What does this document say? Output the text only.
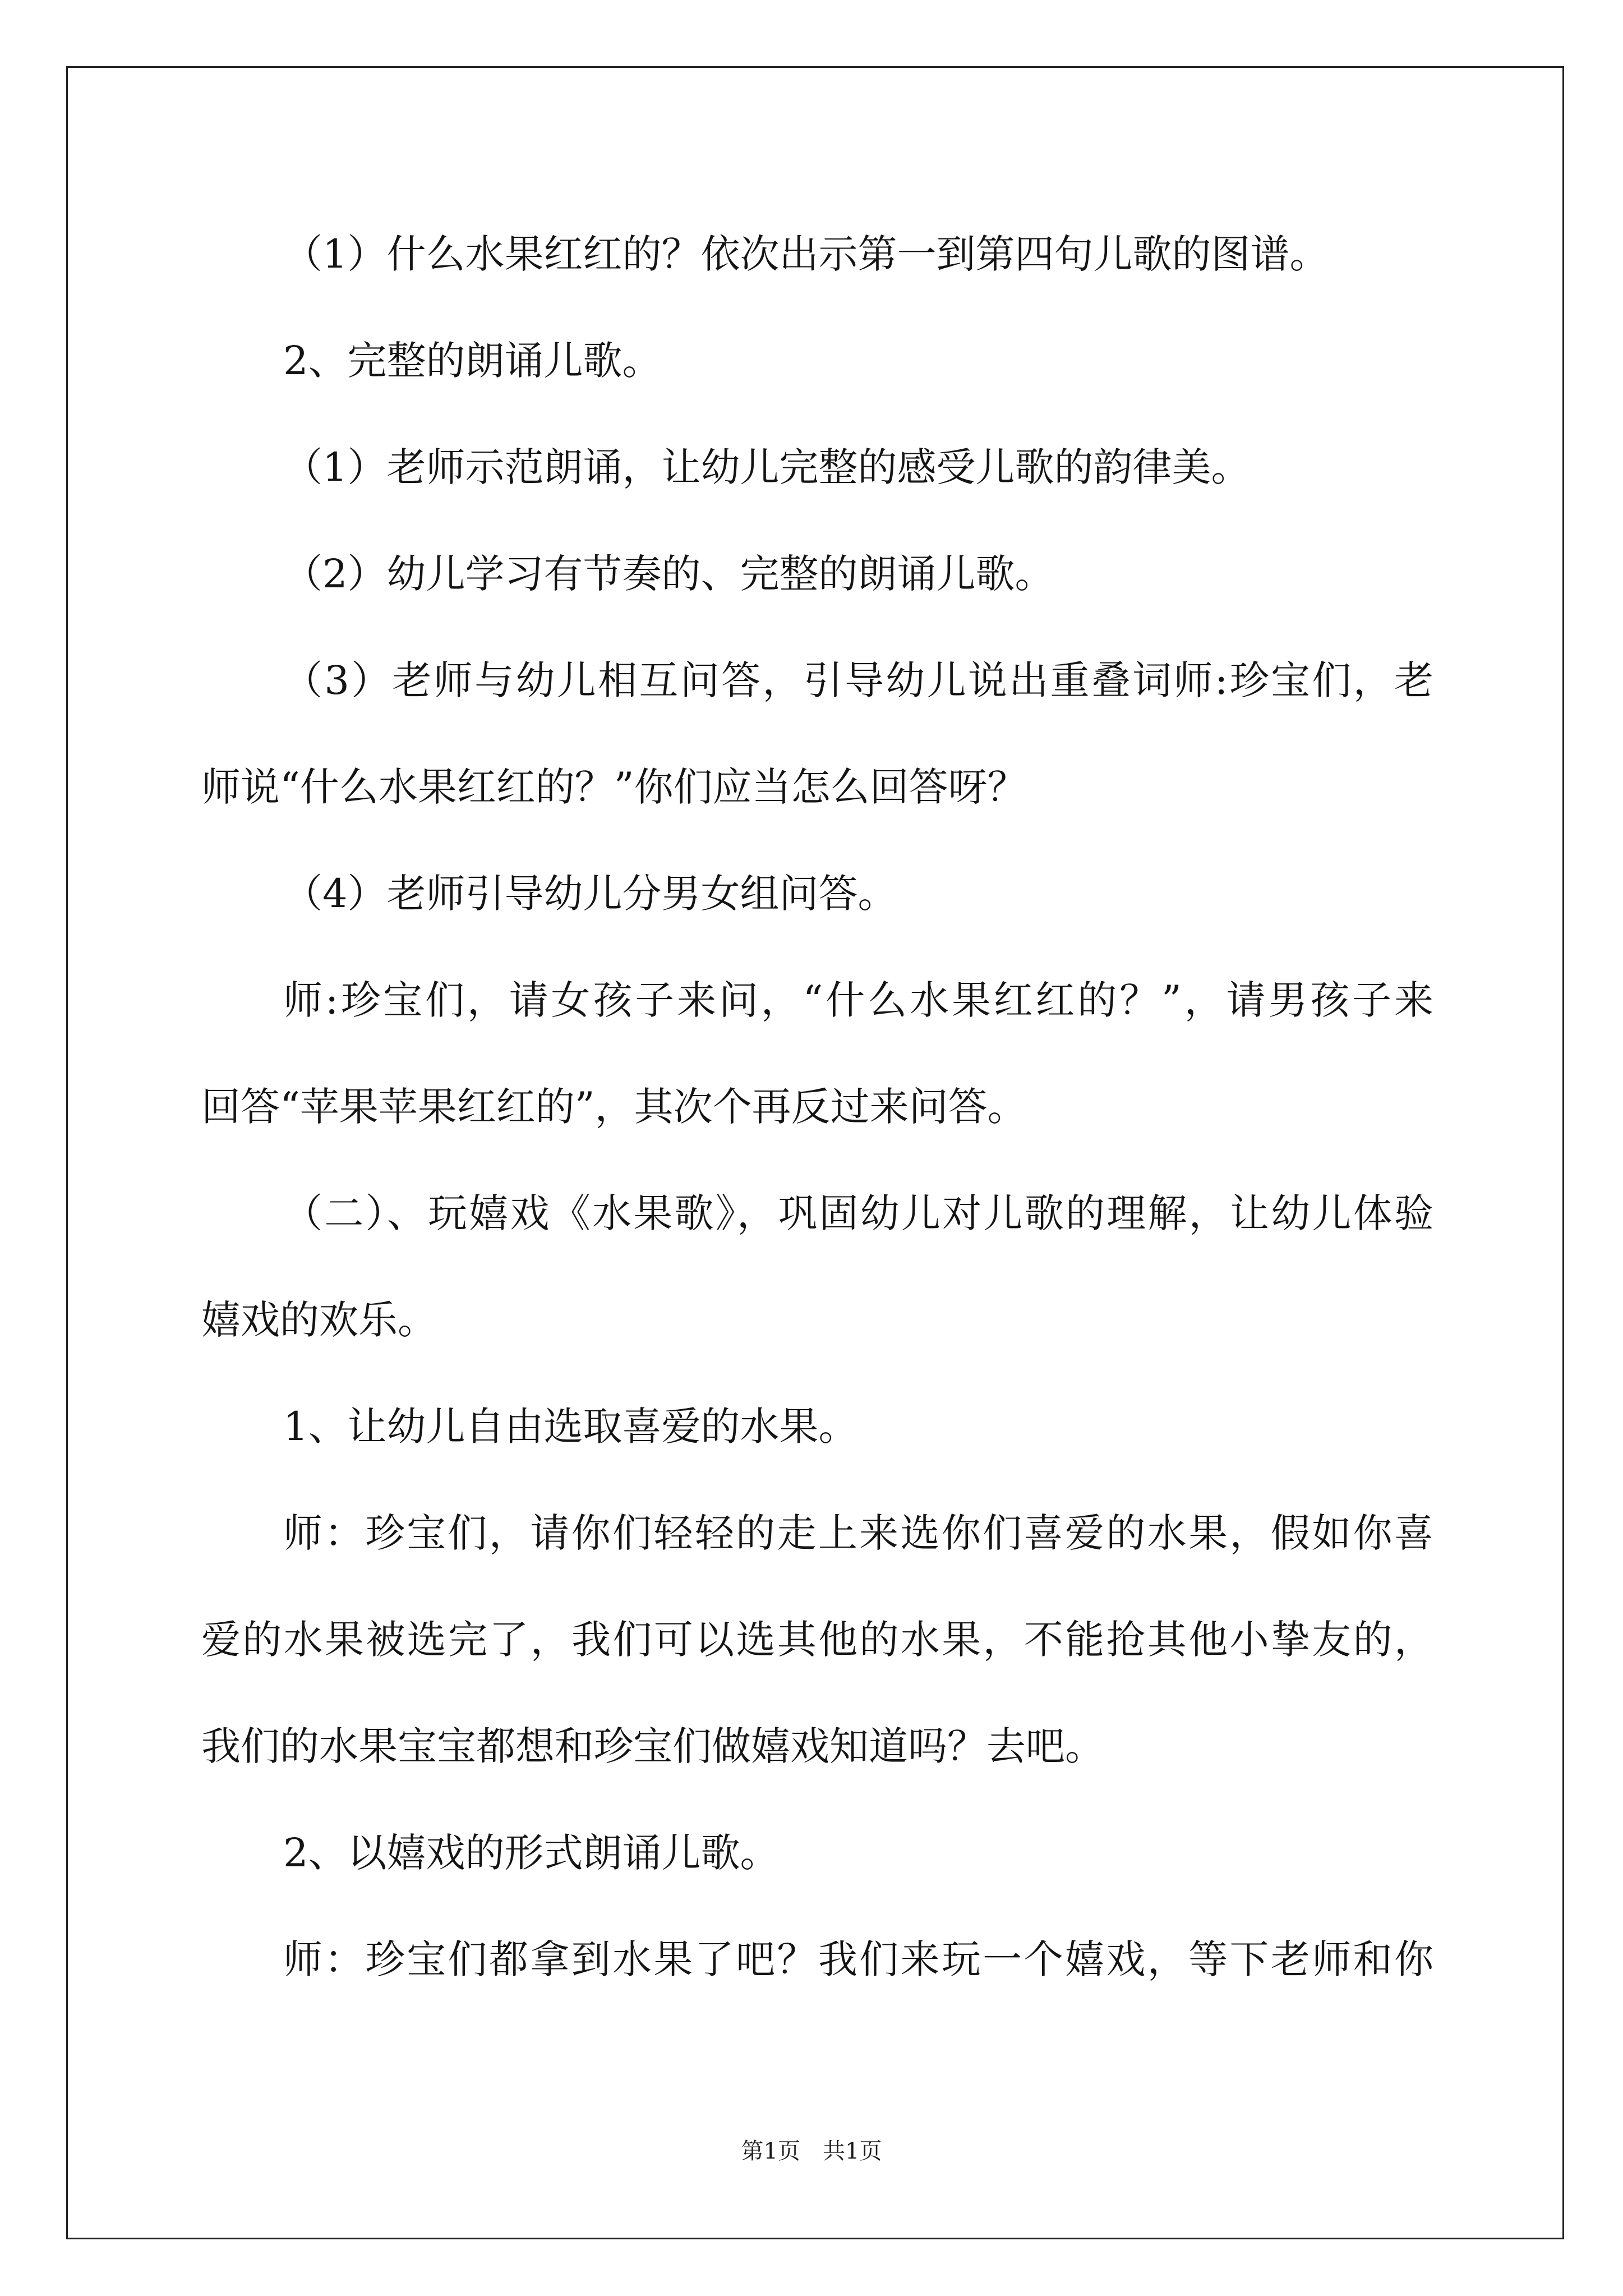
（1）什么水果红红的？依次出示第一到第四句儿歌的图谱。
2、完整的朗诵儿歌。
（1）老师示范朗诵，让幼儿完整的感受儿歌的韵律美。
（2）幼儿学习有节奏的、完整的朗诵儿歌。
（3）老师与幼儿相互问答，引导幼儿说出重叠词师:珍宝们，老
师说“什么水果红红的？”你们应当怎么回答呀？
（4）老师引导幼儿分男女组问答。
师:珍宝们，请女孩子来问，“什么水果红红的？”，请男孩子来
回答“苹果苹果红红的”，其次个再反过来问答。
（二）、玩嬉戏《水果歌》，巩固幼儿对儿歌的理解，让幼儿体验
嬉戏的欢乐。
1、让幼儿自由选取喜爱的水果。
师：珍宝们，请你们轻轻的走上来选你们喜爱的水果，假如你喜
爱的水果被选完了，我们可以选其他的水果，不能抢其他小挚友的，
我们的水果宝宝都想和珍宝们做嬉戏知道吗？去吧。
2、以嬉戏的形式朗诵儿歌。
师：珍宝们都拿到水果了吧？我们来玩一个嬉戏，等下老师和你
第1页　共1页
